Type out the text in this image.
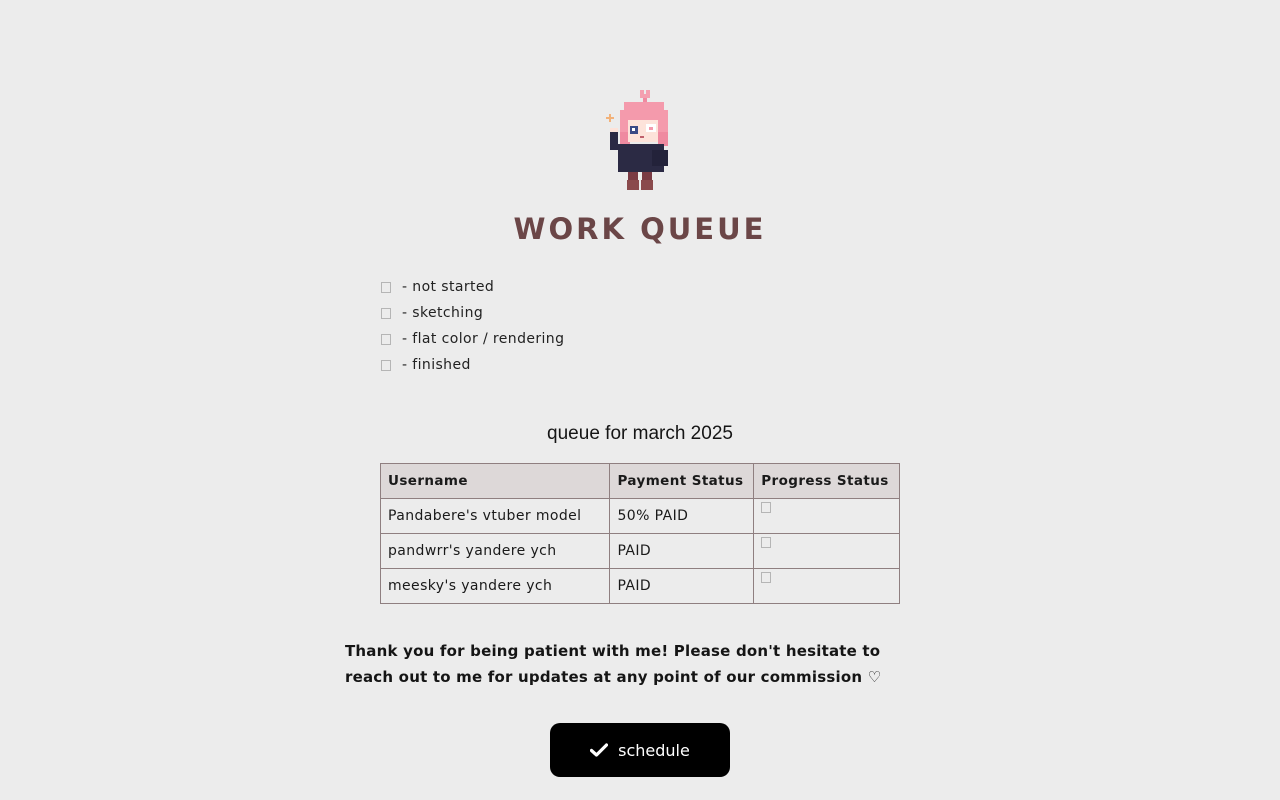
WORK QUEUE
- not started
- sketching
- flat color / rendering
- finished
queue for march 2025
Username	Payment Status	Progress Status
Pandabere's vtuber model	50% PAID	
pandwrr's yandere ych	PAID	
meesky's yandere ych	PAID	

Thank you for being patient with me! Please don't hesitate to reach out to me for updates at any point of our commission ♡

schedule
